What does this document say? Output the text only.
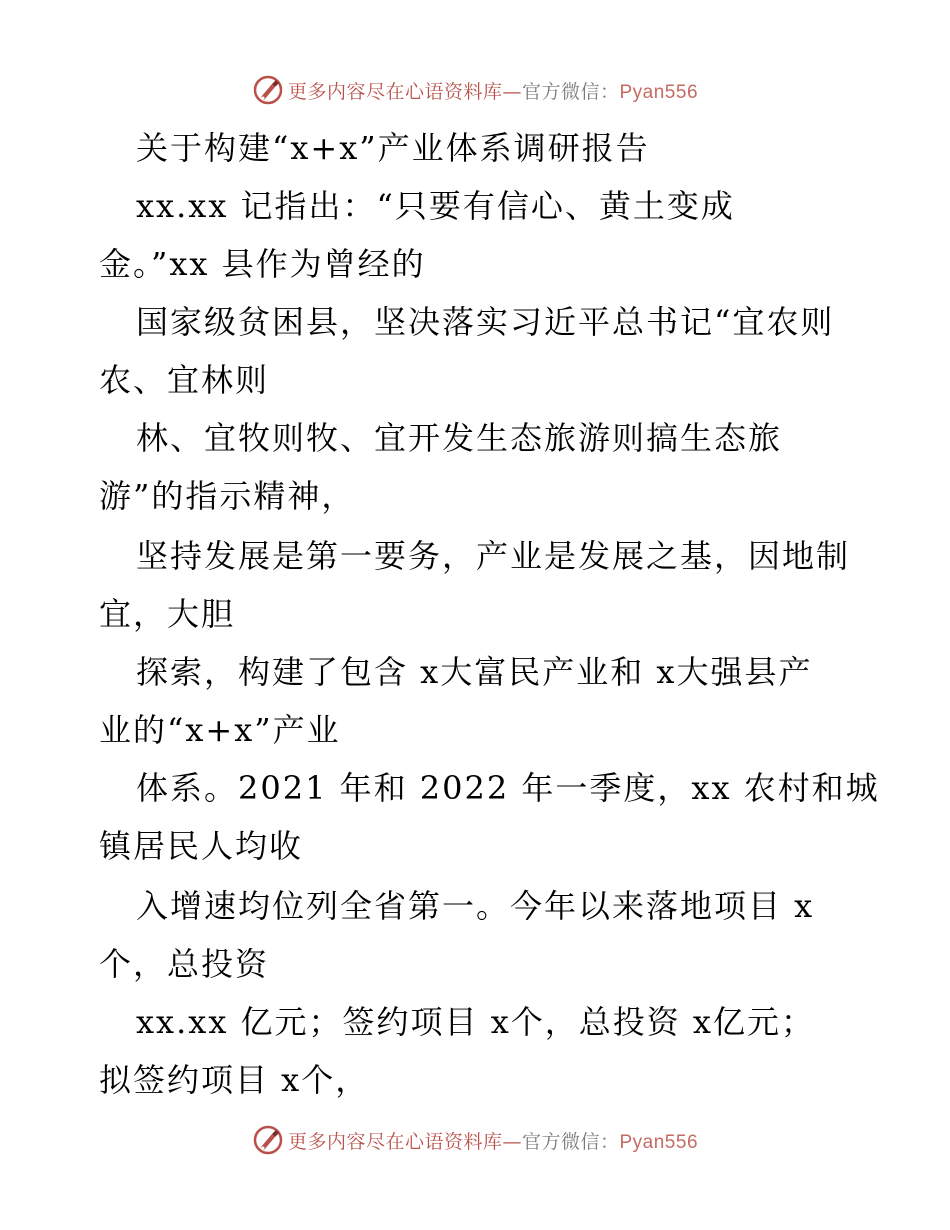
更多内容尽在心语资料库—官方微信：Pyan556
关于构建“x+x”产业体系调研报告
xx.xx 记指出：“只要有信心、黄土变成
金。”xx 县作为曾经的
国家级贫困县，坚决落实习近平总书记“宜农则
农、宜林则
林、宜牧则牧、宜开发生态旅游则搞生态旅
游”的指示精神，
坚持发展是第一要务，产业是发展之基，因地制
宜，大胆
探索，构建了包含 x大富民产业和 x大强县产
业的“x+x”产业
体系。2021 年和 2022 年一季度，xx 农村和城
镇居民人均收
入增速均位列全省第一。今年以来落地项目 x
个，总投资
xx.xx 亿元；签约项目 x个，总投资 x亿元；
拟签约项目 x个，
更多内容尽在心语资料库—官方微信：Pyan556
